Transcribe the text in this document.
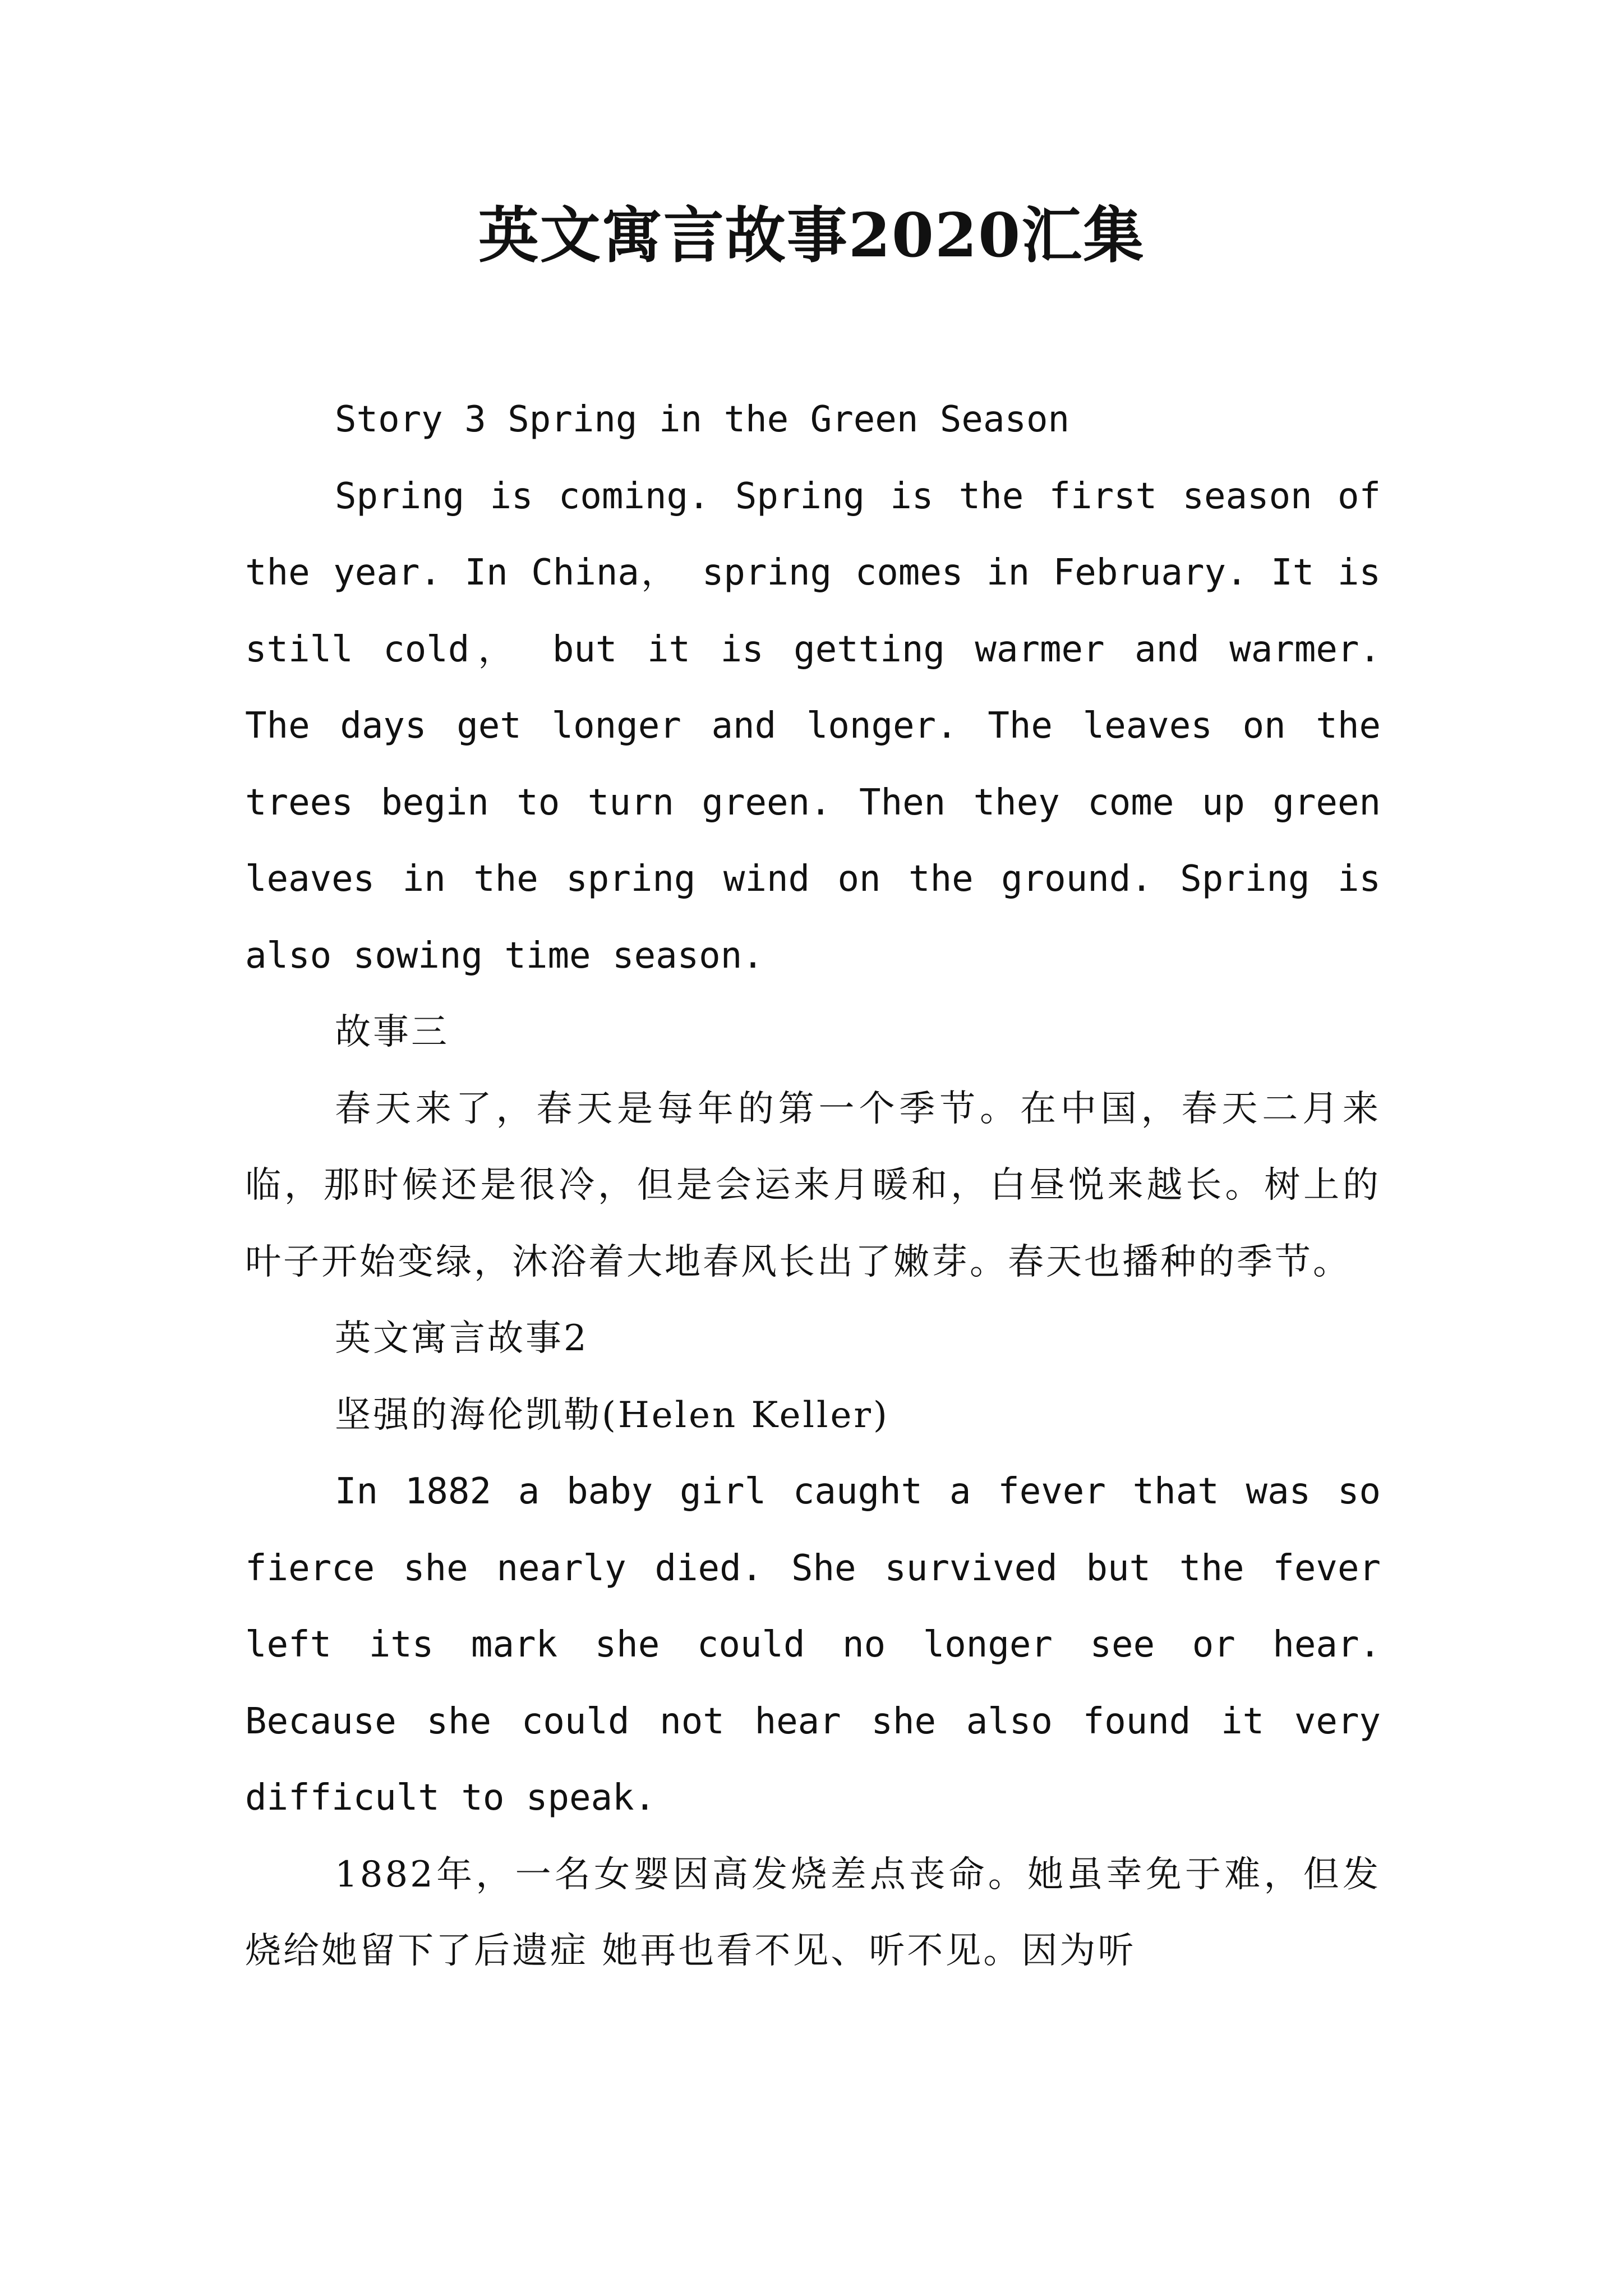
英文寓言故事2020汇集

Story 3 Spring in the Green Season

Spring is coming. Spring is the first season of the year. In China， spring comes in February. It is still cold， but it is getting warmer and warmer. The days get longer and longer. The leaves on the trees begin to turn green. Then they come up green leaves in the spring wind on the ground. Spring is also sowing time season.

故事三

春天来了，春天是每年的第一个季节。在中国，春天二月来临，那时候还是很冷，但是会运来月暖和，白昼悦来越长。树上的叶子开始变绿，沐浴着大地春风长出了嫩芽。春天也播种的季节。

英文寓言故事2

坚强的海伦凯勒(Helen Keller)

In 1882 a baby girl caught a fever that was so fierce she nearly died. She survived but the fever left its mark she could no longer see or hear. Because she could not hear she also found it very difficult to speak.

1882年，一名女婴因高发烧差点丧命。她虽幸免于难，但发烧给她留下了后遗症 她再也看不见、听不见。因为听
